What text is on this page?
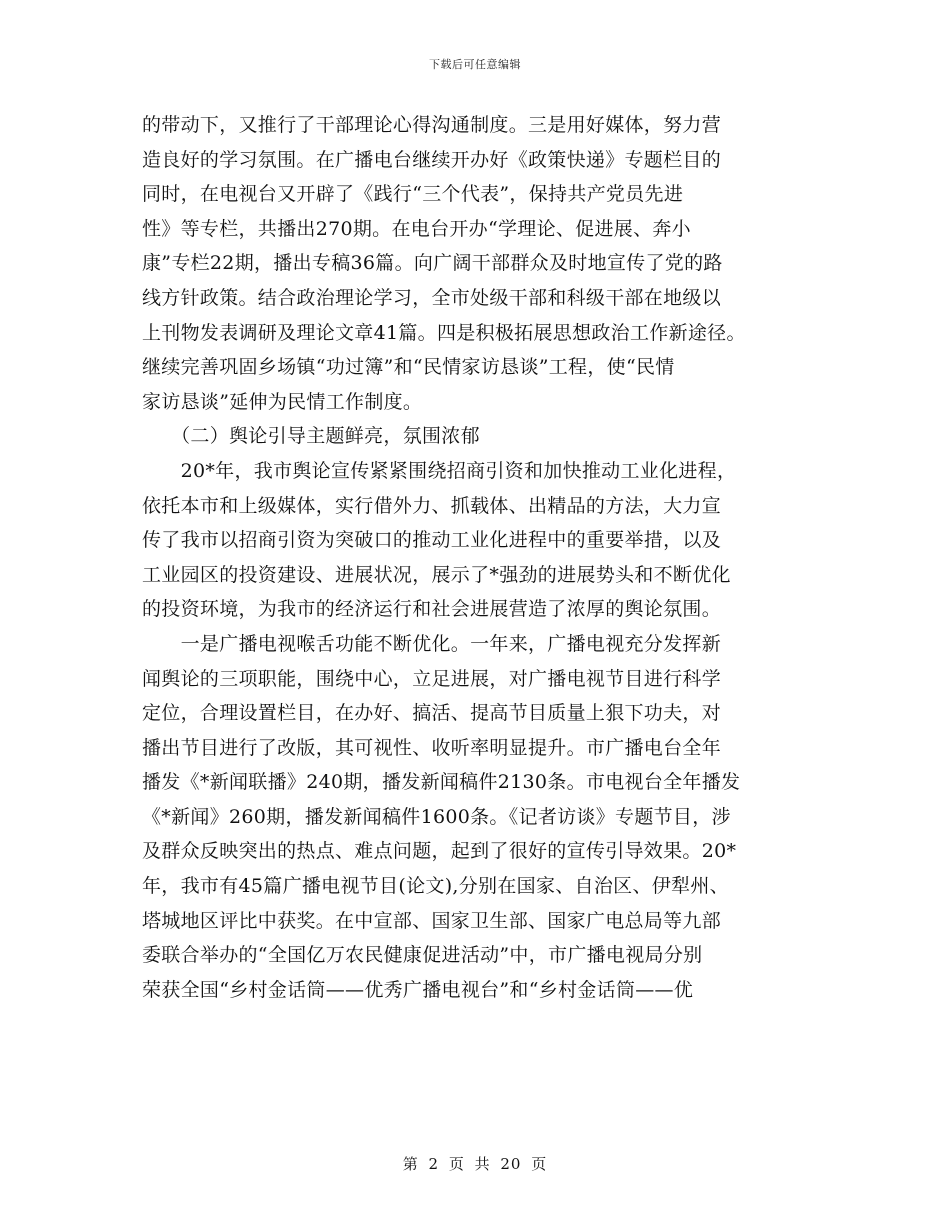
下载后可任意编辑
的带动下，又推行了干部理论心得沟通制度。三是用好媒体，努力营
造良好的学习氛围。在广播电台继续开办好《政策快递》专题栏目的
同时，在电视台又开辟了《践行“三个代表”，保持共产党员先进
性》等专栏，共播出270期。在电台开办“学理论、促进展、奔小
康”专栏22期，播出专稿36篇。向广阔干部群众及时地宣传了党的路
线方针政策。结合政治理论学习，全市处级干部和科级干部在地级以
上刊物发表调研及理论文章41篇。四是积极拓展思想政治工作新途径。
继续完善巩固乡场镇“功过簿”和“民情家访恳谈”工程，使“民情
家访恳谈”延伸为民情工作制度。
　　（二）舆论引导主题鲜亮，氛围浓郁
　　20*年，我市舆论宣传紧紧围绕招商引资和加快推动工业化进程，
依托本市和上级媒体，实行借外力、抓载体、出精品的方法，大力宣
传了我市以招商引资为突破口的推动工业化进程中的重要举措，以及
工业园区的投资建设、进展状况，展示了*强劲的进展势头和不断优化
的投资环境，为我市的经济运行和社会进展营造了浓厚的舆论氛围。
　　一是广播电视喉舌功能不断优化。一年来，广播电视充分发挥新
闻舆论的三项职能，围绕中心，立足进展，对广播电视节目进行科学
定位，合理设置栏目，在办好、搞活、提高节目质量上狠下功夫，对
播出节目进行了改版，其可视性、收听率明显提升。市广播电台全年
播发《*新闻联播》240期，播发新闻稿件2130条。市电视台全年播发
《*新闻》260期，播发新闻稿件1600条。《记者访谈》专题节目，涉
及群众反映突出的热点、难点问题，起到了很好的宣传引导效果。20*
年，我市有45篇广播电视节目(论文),分别在国家、自治区、伊犁州、
塔城地区评比中获奖。在中宣部、国家卫生部、国家广电总局等九部
委联合举办的“全国亿万农民健康促进活动”中，市广播电视局分别
荣获全国“乡村金话筒——优秀广播电视台”和“乡村金话筒——优
第 2 页 共 20 页
